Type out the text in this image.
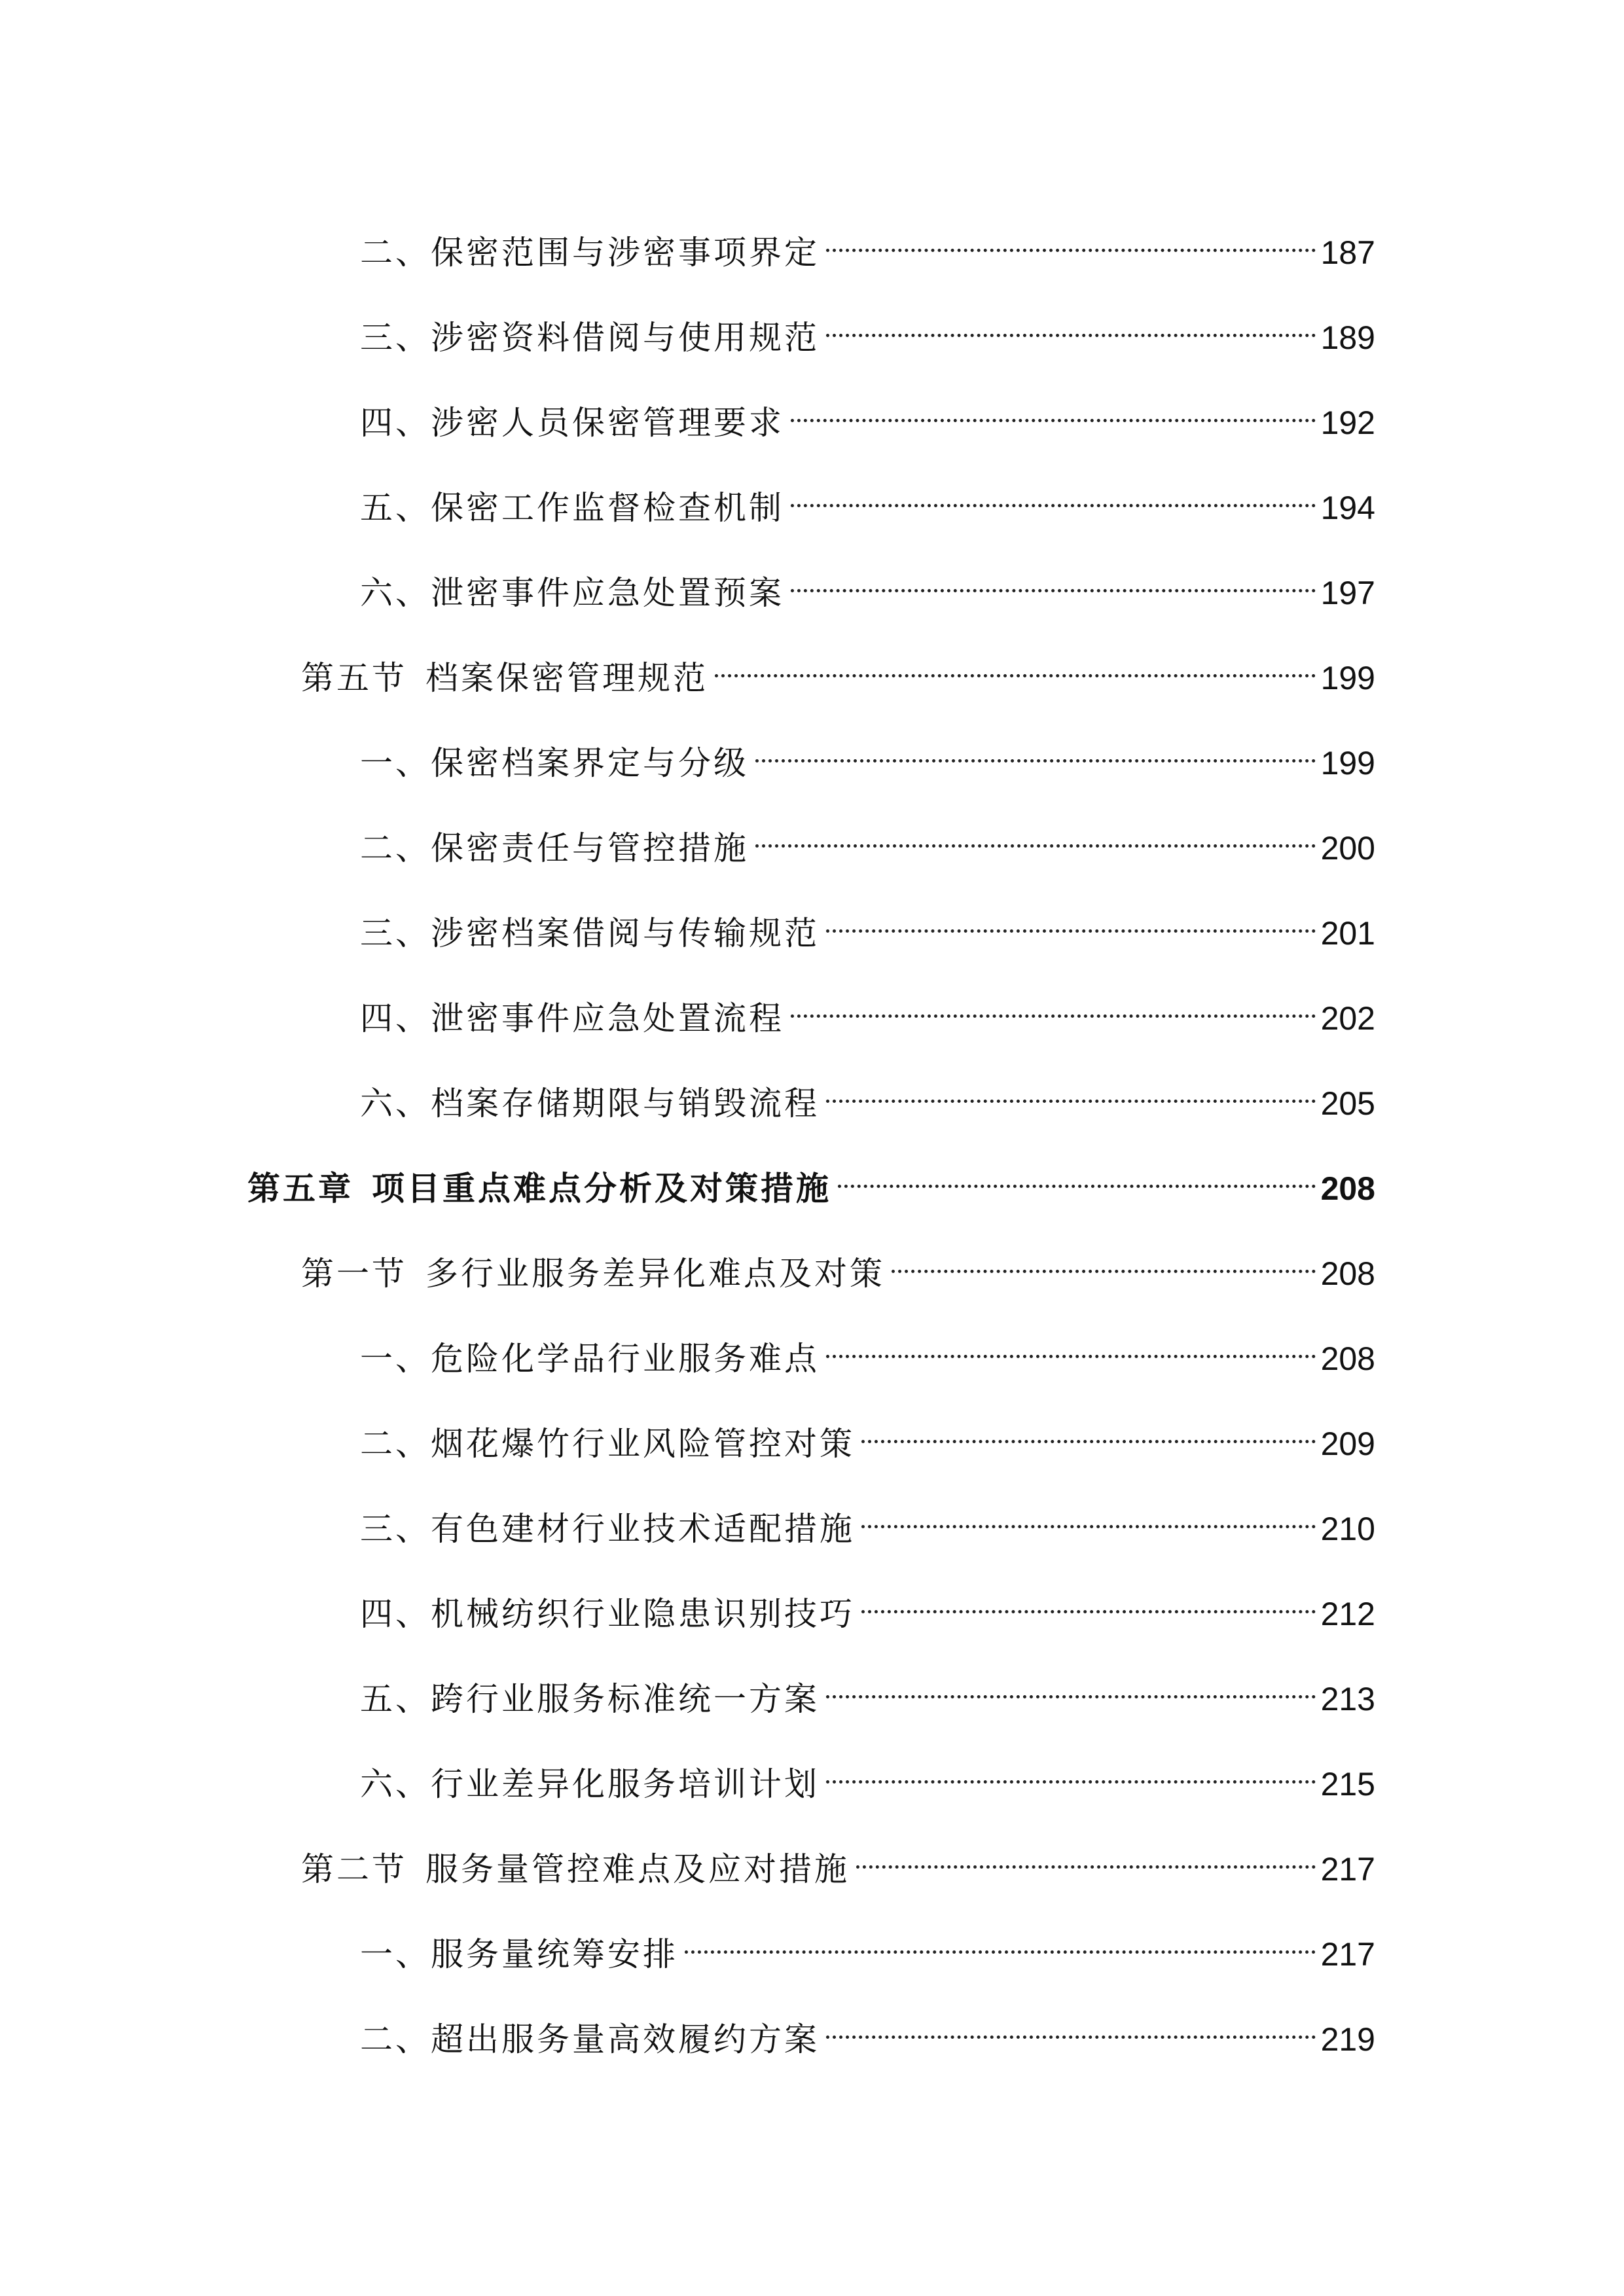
二、保密范围与涉密事项界定	187
三、涉密资料借阅与使用规范	189
四、涉密人员保密管理要求	192
五、保密工作监督检查机制	194
六、泄密事件应急处置预案	197
第五节 档案保密管理规范	199
一、保密档案界定与分级	199
二、保密责任与管控措施	200
三、涉密档案借阅与传输规范	201
四、泄密事件应急处置流程	202
六、档案存储期限与销毁流程	205
第五章 项目重点难点分析及对策措施	208
第一节 多行业服务差异化难点及对策	208
一、危险化学品行业服务难点	208
二、烟花爆竹行业风险管控对策	209
三、有色建材行业技术适配措施	210
四、机械纺织行业隐患识别技巧	212
五、跨行业服务标准统一方案	213
六、行业差异化服务培训计划	215
第二节 服务量管控难点及应对措施	217
一、服务量统筹安排	217
二、超出服务量高效履约方案	219
